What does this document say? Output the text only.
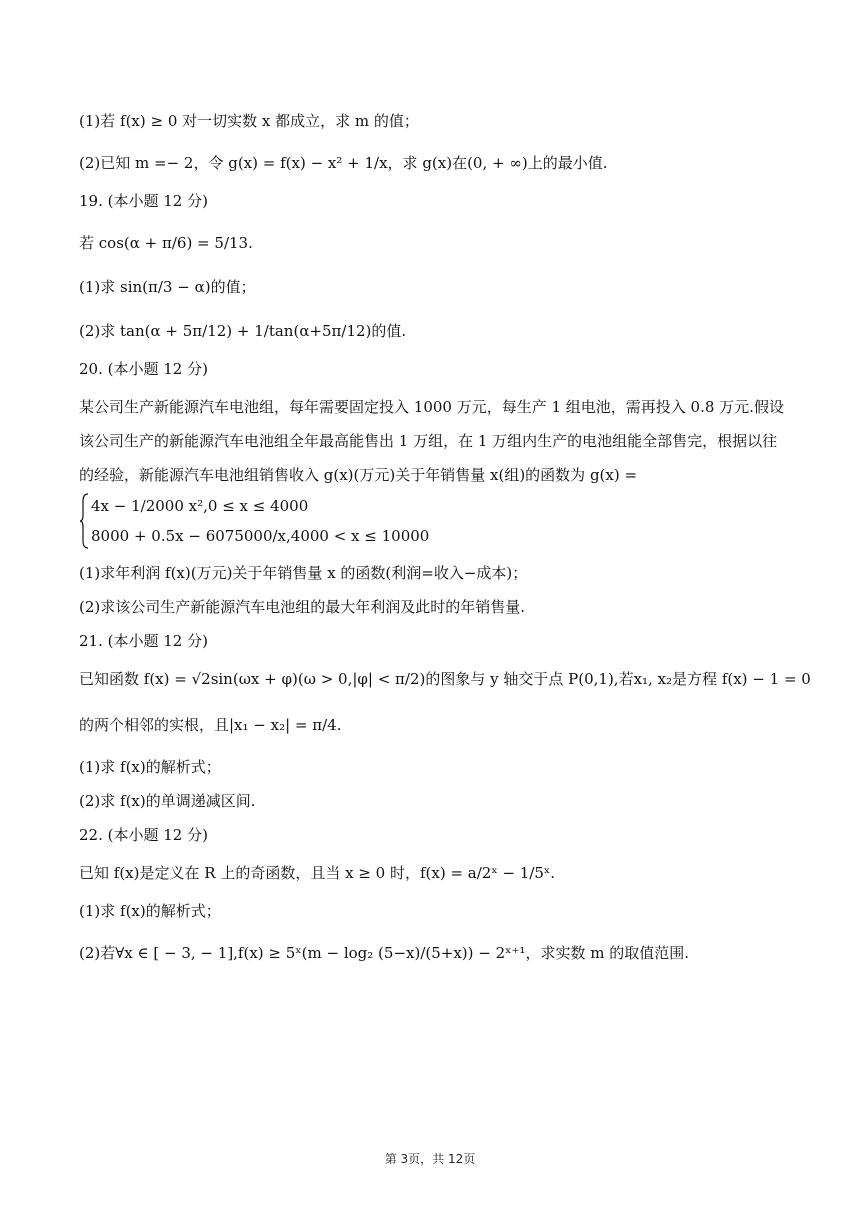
(1)若 f(x) ≥ 0 对一切实数 x 都成立，求 m 的值；
(2)已知 m =− 2，令 g(x) = f(x) − x² + 1/x，求 g(x)在(0, + ∞)上的最小值.
19. (本小题 12 分)
若 cos(α + π/6) = 5/13.
(1)求 sin(π/3 − α)的值；
(2)求 tan(α + 5π/12) + 1/tan(α+5π/12)的值.
20. (本小题 12 分)
某公司生产新能源汽车电池组，每年需要固定投入 1000 万元，每生产 1 组电池，需再投入 0.8 万元.假设
该公司生产的新能源汽车电池组全年最高能售出 1 万组，在 1 万组内生产的电池组能全部售完，根据以往
的经验，新能源汽车电池组销售收入 g(x)(万元)关于年销售量 x(组)的函数为 g(x) =
4x − 1/2000 x²,0 ≤ x ≤ 4000
8000 + 0.5x − 6075000/x,4000 < x ≤ 10000
(1)求年利润 f(x)(万元)关于年销售量 x 的函数(利润=收入−成本)；
(2)求该公司生产新能源汽车电池组的最大年利润及此时的年销售量.
21. (本小题 12 分)
已知函数 f(x) = √2sin(ωx + φ)(ω > 0,|φ| < π/2)的图象与 y 轴交于点 P(0,1),若x₁, x₂是方程 f(x) − 1 = 0
的两个相邻的实根，且|x₁ − x₂| = π/4.
(1)求 f(x)的解析式；
(2)求 f(x)的单调递减区间.
22. (本小题 12 分)
已知 f(x)是定义在 R 上的奇函数，且当 x ≥ 0 时，f(x) = a/2ˣ − 1/5ˣ.
(1)求 f(x)的解析式；
(2)若∀x ∈ [ − 3, − 1],f(x) ≥ 5ˣ(m − log₂ (5−x)/(5+x)) − 2ˣ⁺¹，求实数 m 的取值范围.
第 3页，共 12页
